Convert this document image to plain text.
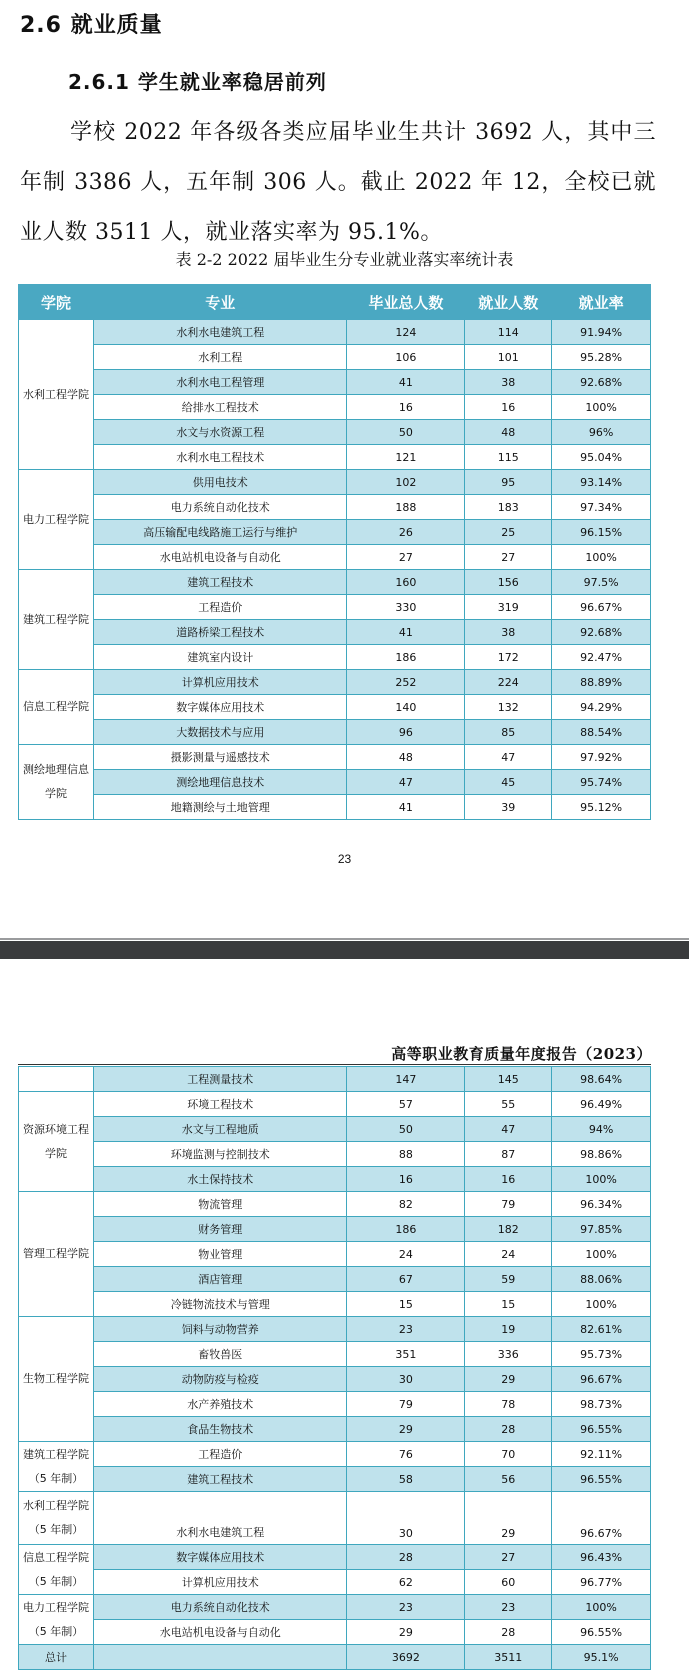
2.6 就业质量
2.6.1 学生就业率稳居前列
学校 2022 年各级各类应届毕业生共计 3692 人，其中三年制 3386 人，五年制 306 人。截止 2022 年 12，全校已就业人数 3511 人，就业落实率为 95.1%。
表 2-2 2022 届毕业生分专业就业落实率统计表
学院	专业	毕业总人数	就业人数	就业率
水利工程学院	水利水电建筑工程	124	114	91.94%
	水利工程	106	101	95.28%
	水利水电工程管理	41	38	92.68%
	给排水工程技术	16	16	100%
	水文与水资源工程	50	48	96%
	水利水电工程技术	121	115	95.04%
电力工程学院	供用电技术	102	95	93.14%
	电力系统自动化技术	188	183	97.34%
	高压输配电线路施工运行与维护	26	25	96.15%
	水电站机电设备与自动化	27	27	100%
建筑工程学院	建筑工程技术	160	156	97.5%
	工程造价	330	319	96.67%
	道路桥梁工程技术	41	38	92.68%
	建筑室内设计	186	172	92.47%
信息工程学院	计算机应用技术	252	224	88.89%
	数字媒体应用技术	140	132	94.29%
	大数据技术与应用	96	85	88.54%
测绘地理信息学院	摄影测量与遥感技术	48	47	97.92%
	测绘地理信息技术	47	45	95.74%
	地籍测绘与土地管理	41	39	95.12%
23
高等职业教育质量年度报告（2023）
	工程测量技术	147	145	98.64%
资源环境工程学院	环境工程技术	57	55	96.49%
	水文与工程地质	50	47	94%
	环境监测与控制技术	88	87	98.86%
	水土保持技术	16	16	100%
管理工程学院	物流管理	82	79	96.34%
	财务管理	186	182	97.85%
	物业管理	24	24	100%
	酒店管理	67	59	88.06%
	冷链物流技术与管理	15	15	100%
生物工程学院	饲料与动物营养	23	19	82.61%
	畜牧兽医	351	336	95.73%
	动物防疫与检疫	30	29	96.67%
	水产养殖技术	79	78	98.73%
	食品生物技术	29	28	96.55%
建筑工程学院（5 年制）	工程造价	76	70	92.11%
	建筑工程技术	58	56	96.55%
水利工程学院（5 年制）	水利水电建筑工程	30	29	96.67%
信息工程学院（5 年制）	数字媒体应用技术	28	27	96.43%
	计算机应用技术	62	60	96.77%
电力工程学院（5 年制）	电力系统自动化技术	23	23	100%
	水电站机电设备与自动化	29	28	96.55%
总计		3692	3511	95.1%
